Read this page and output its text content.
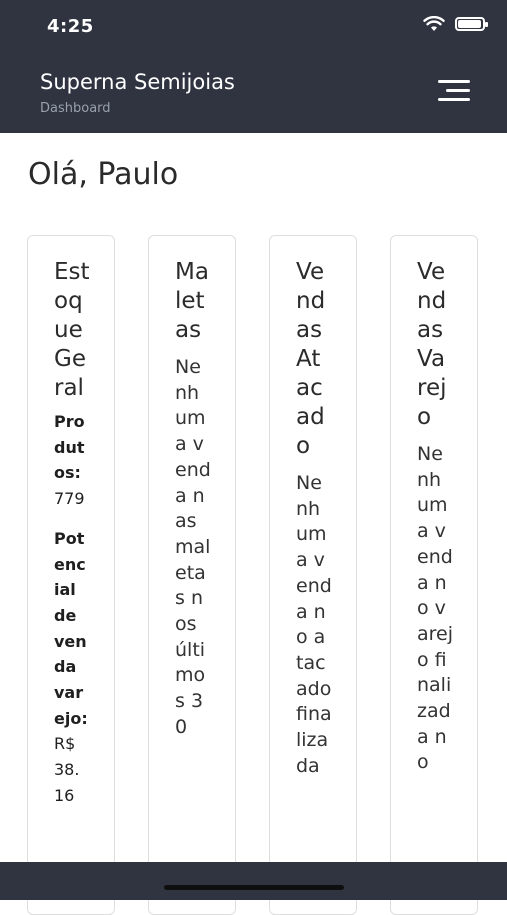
4:25
Superna Semijoias
Dashboard
Olá, Paulo
Estoque Geral
Produtos:
779
Potencial de venda varejo:
R$ 38.16
Maletas
Nenhuma venda nas maletas nos últimos 30
Vendas Atacado
Nenhuma venda no atacado finalizada
Vendas Varejo
Nenhuma venda no varejo finalizada no
